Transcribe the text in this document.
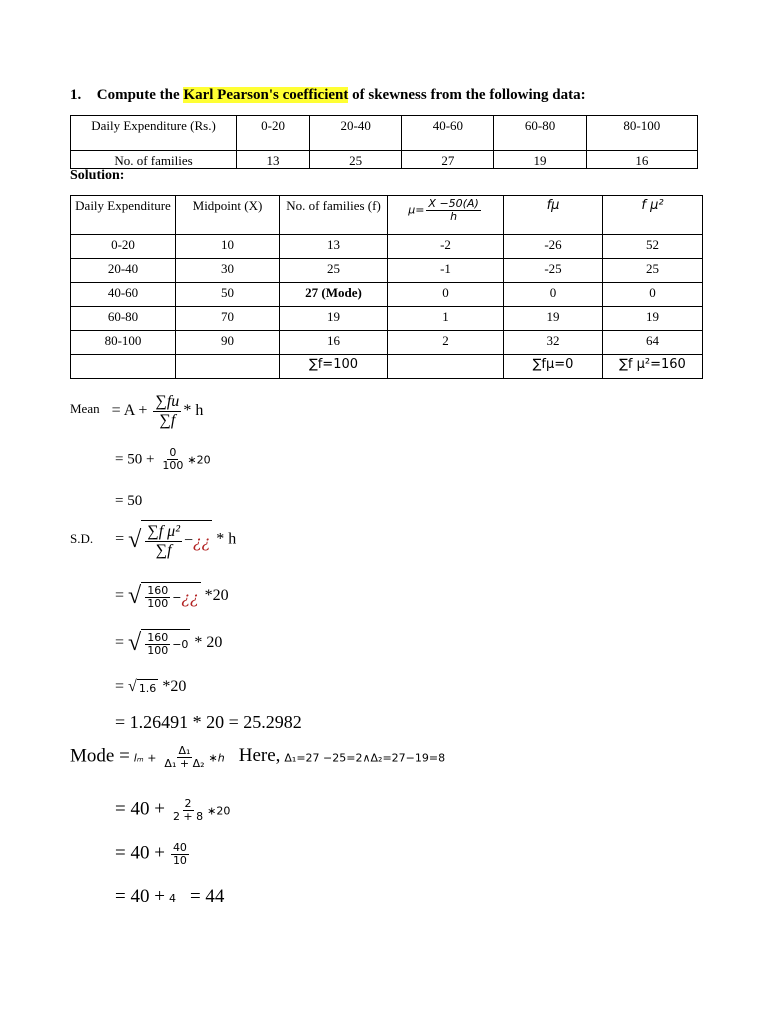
1. Compute the Karl Pearson's coefficient of skewness from the following data:
Daily Expenditure (Rs.)	0-20	20-40	40-60	60-80	80-100
No. of families	13	25	27	19	16
Solution:
Daily Expenditure	Midpoint (X)	No. of families (f)	$\mu= \frac{X -50(A)}{h}$	fμ	f μ²
0-20	10	13	-2	-26	52
20-40	30	25	-1	-25	25
40-60	50	27 (Mode)	0	0	0
60-80	70	19	1	19	19
80-100	90	16	2	32	64
		∑f=100		∑fμ=0	∑f μ²=160
Mean = $A + \frac{\sum fu}{\sum f} * h$
= $50 + \frac{0}{100}$ ∗20
= 50
S.D. = √ $\frac{\text{∑f μ²}}{\sum f}$ − ¿¿ * h
= √ $\frac{160}{100}$ − ¿¿ *20
= √ $\frac{160}{100} -0 * 20$
= √ 1.6 *20
= 1.26491 * 20 = 25.2982
Mode = $l_m + \frac{\text{Δ₁}}{\text{Δ₁ + Δ₂}}$ ∗h Here, Δ₁=27 −25=2∧Δ₂=27−19=8
= $40 + \frac{2}{2 + 8}$ ∗20
= $40 + \frac{40}{10}$
= 40 + 4 = 44
